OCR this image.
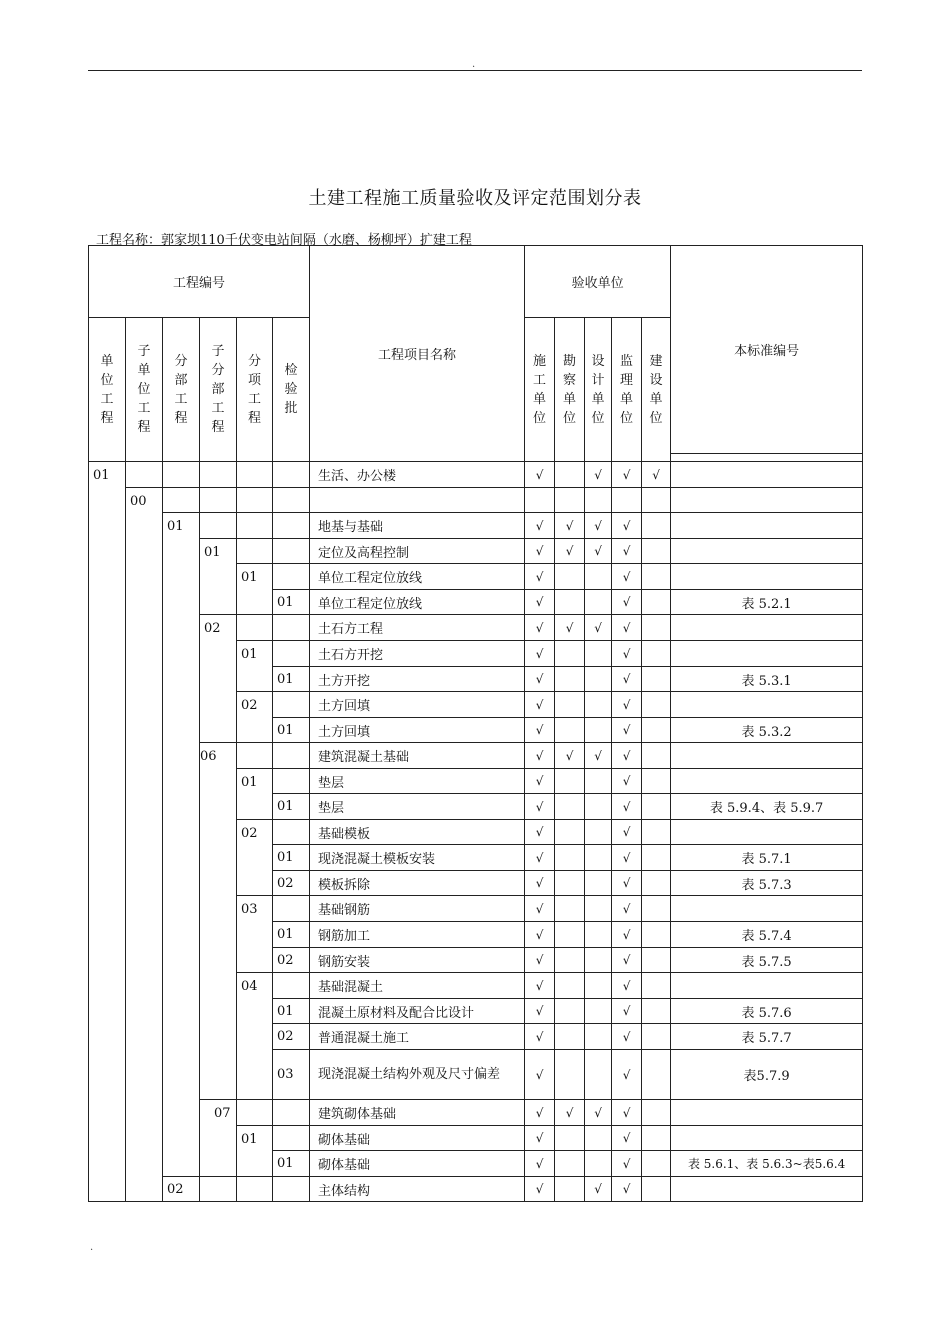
.
土建工程施工质量验收及评定范围划分表
工程名称：郭家坝110千伏变电站间隔（水磨、杨柳坪）扩建工程
工程编号						工程项目名称	验收单位					本标准编号

单位工程	子单位工程	分部工程	子分部工程	分项工程	检验批		施工单位	勘察单位	设计单位	监理单位	建设单位	

01						生活、办公楼	√		√	√	√	
	00											
		01				地基与基础	√	√	√	√		
			01			定位及高程控制	√	√	√	√		
				01		单位工程定位放线	√			√		
					01	单位工程定位放线	√			√		表 5.2.1
			02			土石方工程	√	√	√	√		
				01		土石方开挖	√			√		
					01	土方开挖	√			√		表 5.3.1
				02		土方回填	√			√		
					01	土方回填	√			√		表 5.3.2
			06			建筑混凝土基础	√	√	√	√		
				01		垫层	√			√		
					01	垫层	√			√		表 5.9.4、表 5.9.7
				02		基础模板	√			√		
					01	现浇混凝土模板安装	√			√		表 5.7.1
					02	模板拆除	√			√		表 5.7.3
				03		基础钢筋	√			√		
					01	钢筋加工	√			√		表 5.7.4
					02	钢筋安装	√			√		表 5.7.5
				04		基础混凝土	√			√		
					01	混凝土原材料及配合比设计	√			√		表 5.7.6
					02	普通混凝土施工	√			√		表 5.7.7
					03	现浇混凝土结构外观及尺寸偏差	√			√		表5.7.9
			07			建筑砌体基础	√	√	√	√		
				01		砌体基础	√			√		
					01	砌体基础	√			√		表 5.6.1、表 5.6.3~表5.6.4
		02				主体结构	√		√	√		
.
